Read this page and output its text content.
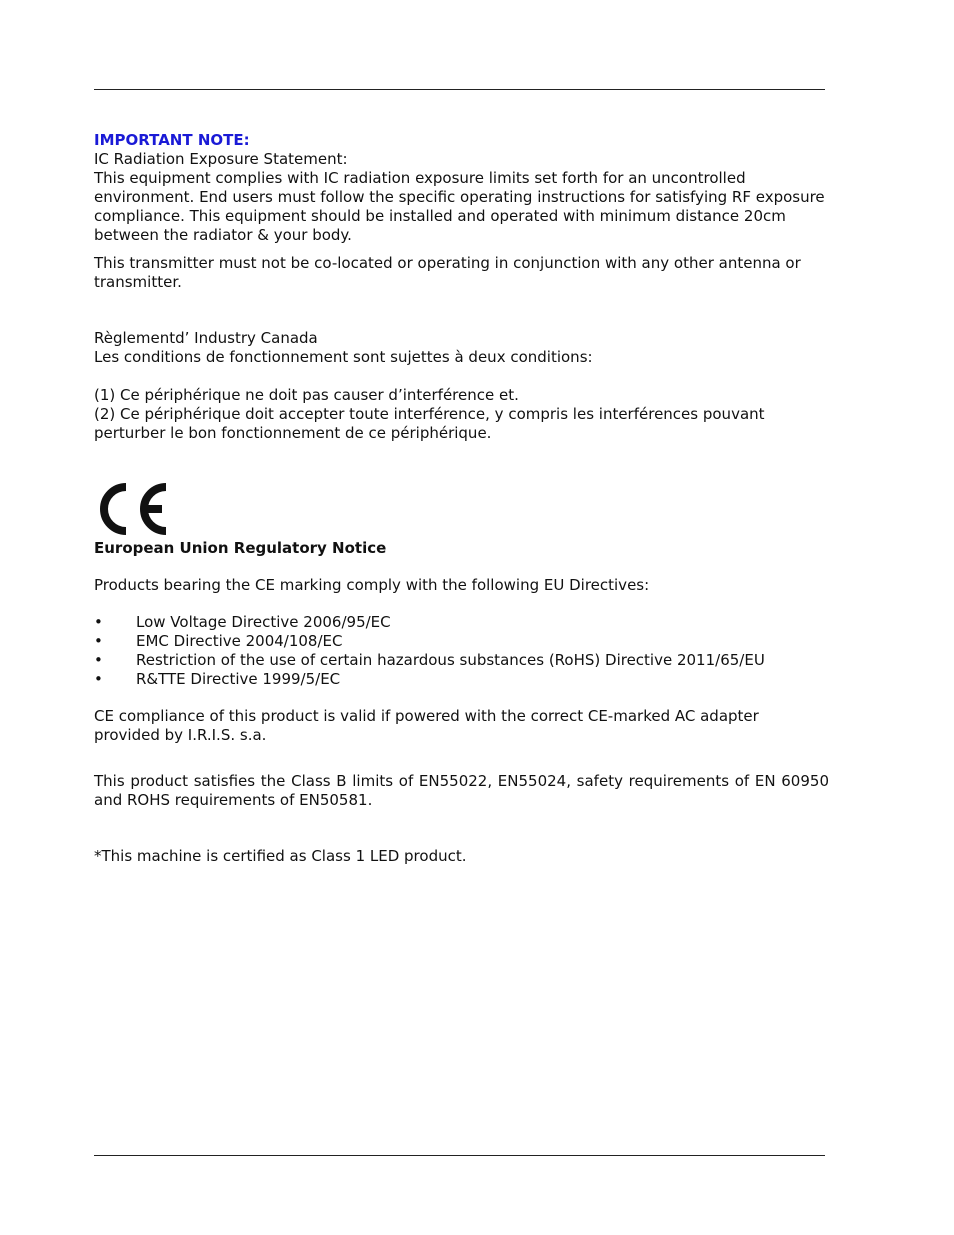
IMPORTANT NOTE:

IC Radiation Exposure Statement:

This equipment complies with IC radiation exposure limits set forth for an uncontrolled environment. End users must follow the specific operating instructions for satisfying RF exposure compliance. This equipment should be installed and operated with minimum distance 20cm between the radiator & your body.

This transmitter must not be co-located or operating in conjunction with any other antenna or transmitter.

Règlementd’ Industry Canada

Les conditions de fonctionnement sont sujettes à deux conditions:

(1) Ce périphérique ne doit pas causer d’interférence et.

(2) Ce périphérique doit accepter toute interférence, y compris les interférences pouvant perturber le bon fonctionnement de ce périphérique.

European Union Regulatory Notice

Products bearing the CE marking comply with the following EU Directives:

• Low Voltage Directive 2006/95/EC
• EMC Directive 2004/108/EC
• Restriction of the use of certain hazardous substances (RoHS) Directive 2011/65/EU
• R&TTE Directive 1999/5/EC

CE compliance of this product is valid if powered with the correct CE-marked AC adapter provided by I.R.I.S. s.a.

This product satisfies the Class B limits of EN55022, EN55024, safety requirements of EN 60950 and ROHS requirements of EN50581.

*This machine is certified as Class 1 LED product.
